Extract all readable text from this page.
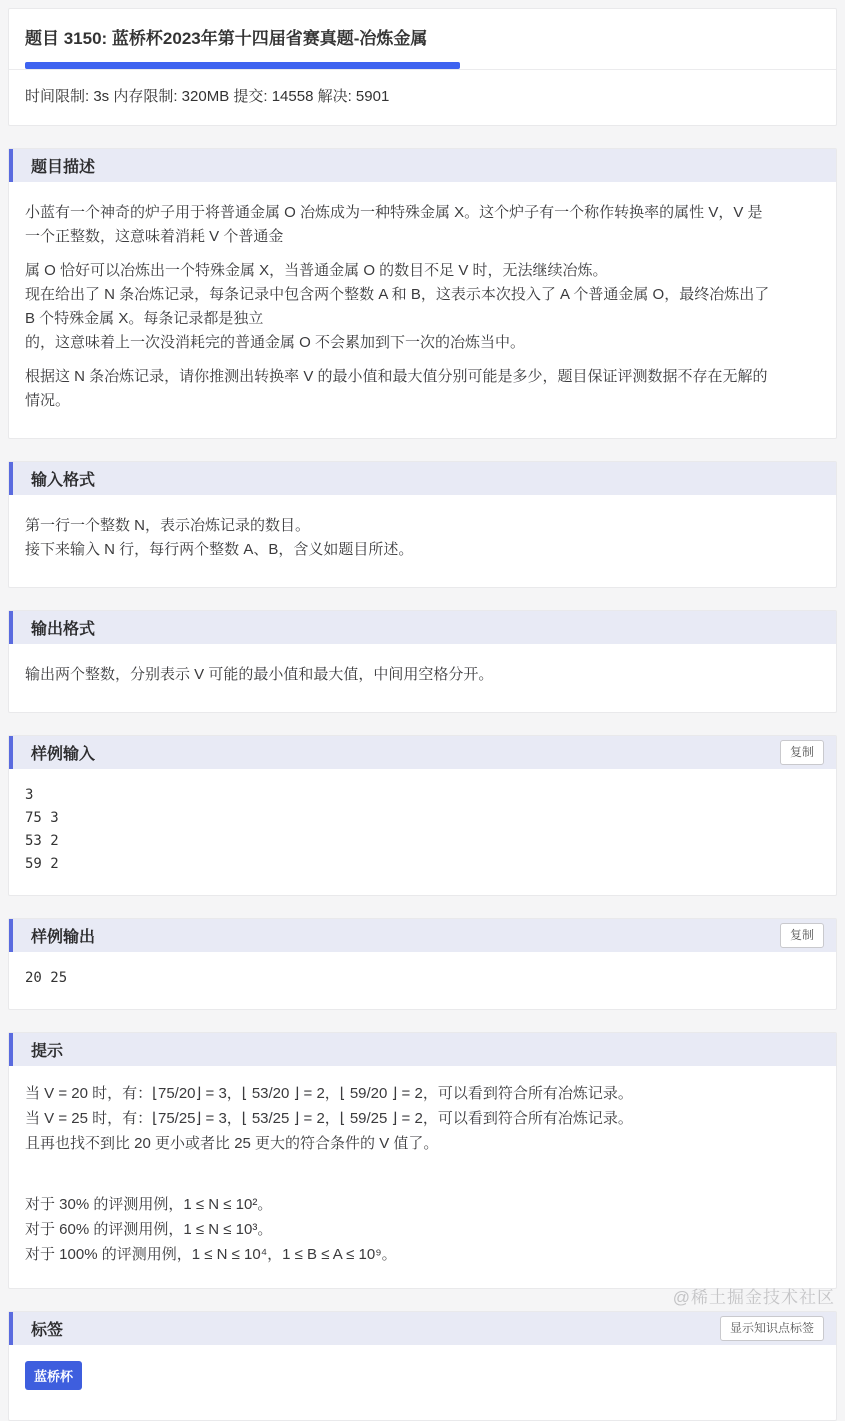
题目 3150: 蓝桥杯2023年第十四届省赛真题-冶炼金属
时间限制: 3s 内存限制: 320MB 提交: 14558 解决: 5901
题目描述

小蓝有一个神奇的炉子用于将普通金属 O 冶炼成为一种特殊金属 X。这个炉子有一个称作转换率的属性 V，V 是
一个正整数，这意味着消耗 V 个普通金

属 O 恰好可以冶炼出一个特殊金属 X，当普通金属 O 的数目不足 V 时，无法继续冶炼。
现在给出了 N 条冶炼记录，每条记录中包含两个整数 A 和 B，这表示本次投入了 A 个普通金属 O，最终冶炼出了
B 个特殊金属 X。每条记录都是独立
的，这意味着上一次没消耗完的普通金属 O 不会累加到下一次的冶炼当中。

根据这 N 条冶炼记录，请你推测出转换率 V 的最小值和最大值分别可能是多少，题目保证评测数据不存在无解的
情况。

输入格式

第一行一个整数 N，表示冶炼记录的数目。
接下来输入 N 行，每行两个整数 A、B，含义如题目所述。

输出格式

输出两个整数，分别表示 V 可能的最小值和最大值，中间用空格分开。

样例输入	复制
3
75 3
53 2
59 2
样例输出	复制
20 25
提示
当 V = 20 时，有：⌊75/20⌋ = 3，⌊ 53/20 ⌋ = 2，⌊ 59/20 ⌋ = 2，可以看到符合所有冶炼记录。
当 V = 25 时，有：⌊75/25⌋ = 3，⌊ 53/25 ⌋ = 2，⌊ 59/25 ⌋ = 2，可以看到符合所有冶炼记录。
且再也找不到比 20 更小或者比 25 更大的符合条件的 V 值了。
对于 30% 的评测用例，1 ≤ N ≤ 10²。
对于 60% 的评测用例，1 ≤ N ≤ 10³。
对于 100% 的评测用例，1 ≤ N ≤ 10⁴，1 ≤ B ≤ A ≤ 10⁹。
标签	显示知识点标签
蓝桥杯
@稀土掘金技术社区
